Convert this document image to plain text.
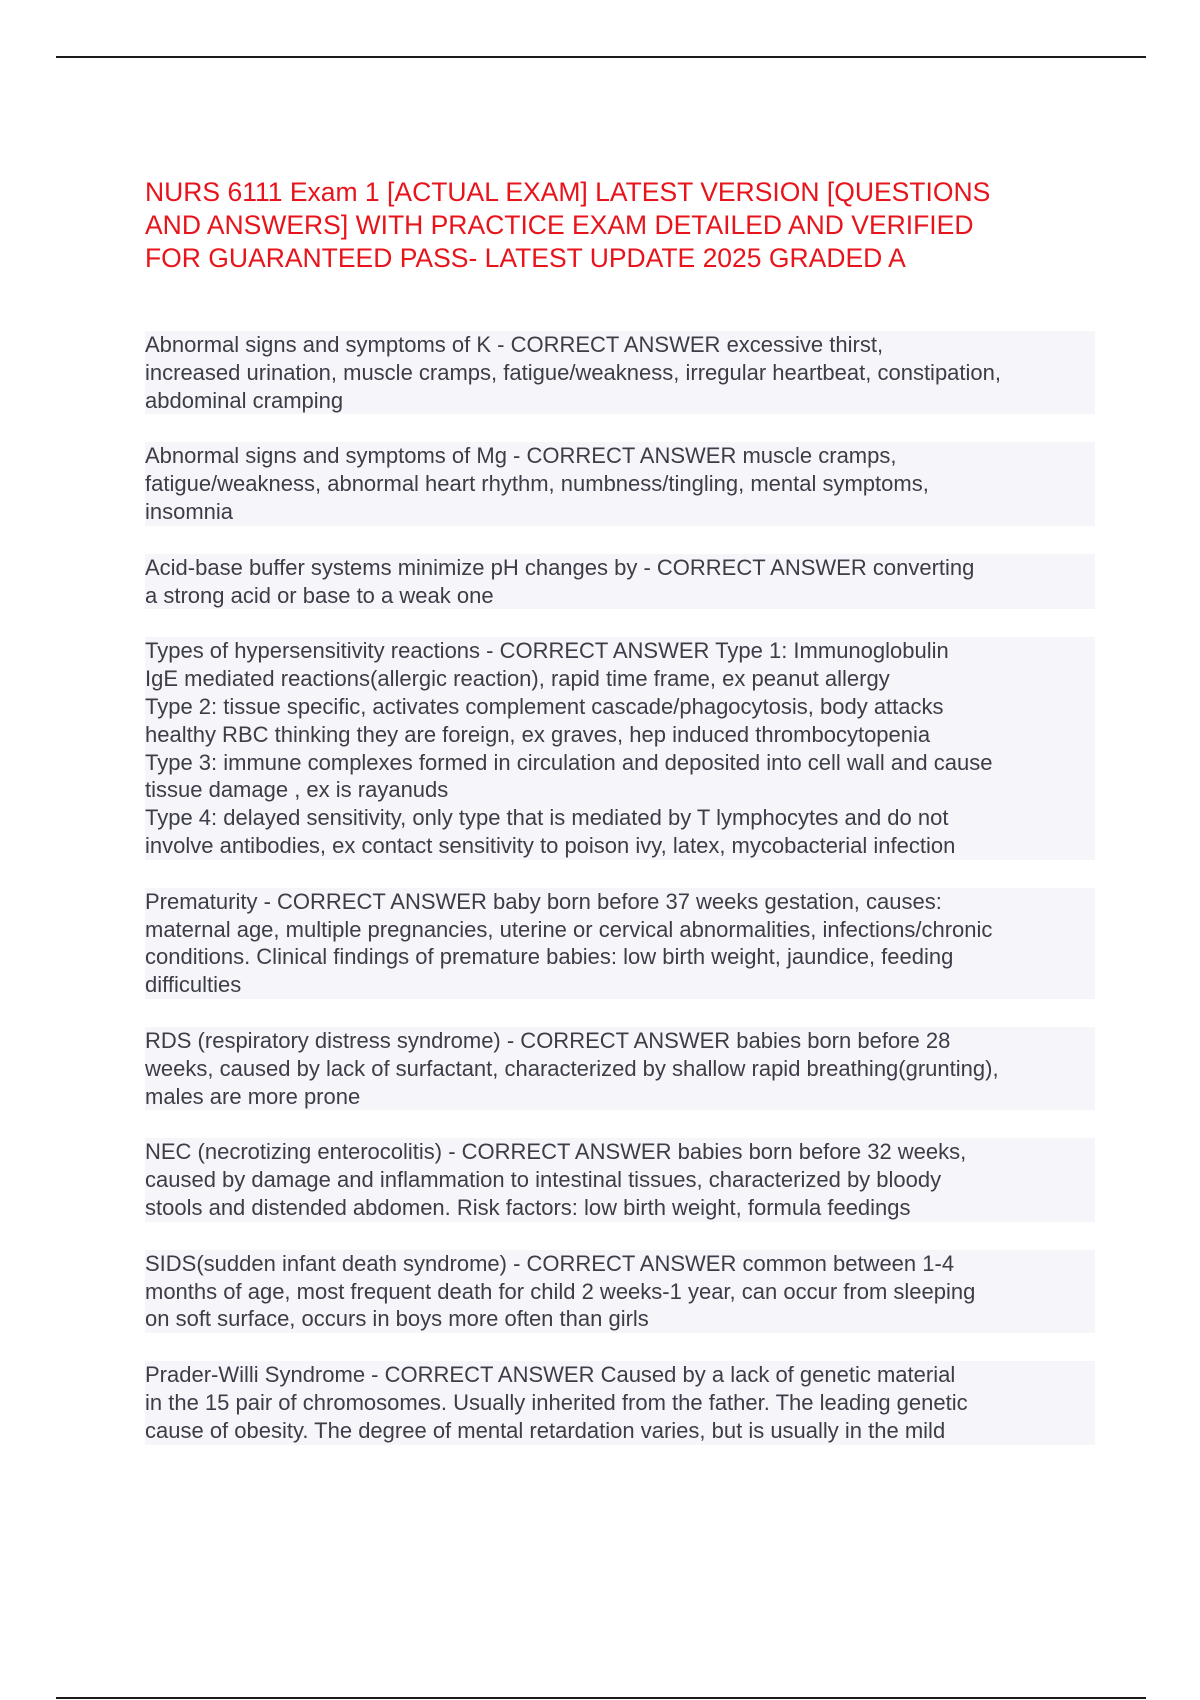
NURS 6111 Exam 1 [ACTUAL EXAM] LATEST VERSION [QUESTIONS
AND ANSWERS] WITH PRACTICE EXAM DETAILED AND VERIFIED
FOR GUARANTEED PASS- LATEST UPDATE 2025 GRADED A

Abnormal signs and symptoms of K - CORRECT ANSWER excessive thirst,
increased urination, muscle cramps, fatigue/weakness, irregular heartbeat, constipation,
abdominal cramping

Abnormal signs and symptoms of Mg - CORRECT ANSWER muscle cramps,
fatigue/weakness, abnormal heart rhythm, numbness/tingling, mental symptoms,
insomnia

Acid-base buffer systems minimize pH changes by - CORRECT ANSWER converting
a strong acid or base to a weak one

Types of hypersensitivity reactions - CORRECT ANSWER Type 1: Immunoglobulin
IgE mediated reactions(allergic reaction), rapid time frame, ex peanut allergy
Type 2: tissue specific, activates complement cascade/phagocytosis, body attacks
healthy RBC thinking they are foreign, ex graves, hep induced thrombocytopenia
Type 3: immune complexes formed in circulation and deposited into cell wall and cause
tissue damage , ex is rayanuds
Type 4: delayed sensitivity, only type that is mediated by T lymphocytes and do not
involve antibodies, ex contact sensitivity to poison ivy, latex, mycobacterial infection

Prematurity - CORRECT ANSWER baby born before 37 weeks gestation, causes:
maternal age, multiple pregnancies, uterine or cervical abnormalities, infections/chronic
conditions. Clinical findings of premature babies: low birth weight, jaundice, feeding
difficulties

RDS (respiratory distress syndrome) - CORRECT ANSWER babies born before 28
weeks, caused by lack of surfactant, characterized by shallow rapid breathing(grunting),
males are more prone

NEC (necrotizing enterocolitis) - CORRECT ANSWER babies born before 32 weeks,
caused by damage and inflammation to intestinal tissues, characterized by bloody
stools and distended abdomen. Risk factors: low birth weight, formula feedings

SIDS(sudden infant death syndrome) - CORRECT ANSWER common between 1-4
months of age, most frequent death for child 2 weeks-1 year, can occur from sleeping
on soft surface, occurs in boys more often than girls

Prader-Willi Syndrome - CORRECT ANSWER Caused by a lack of genetic material
in the 15 pair of chromosomes. Usually inherited from the father. The leading genetic
cause of obesity. The degree of mental retardation varies, but is usually in the mild
